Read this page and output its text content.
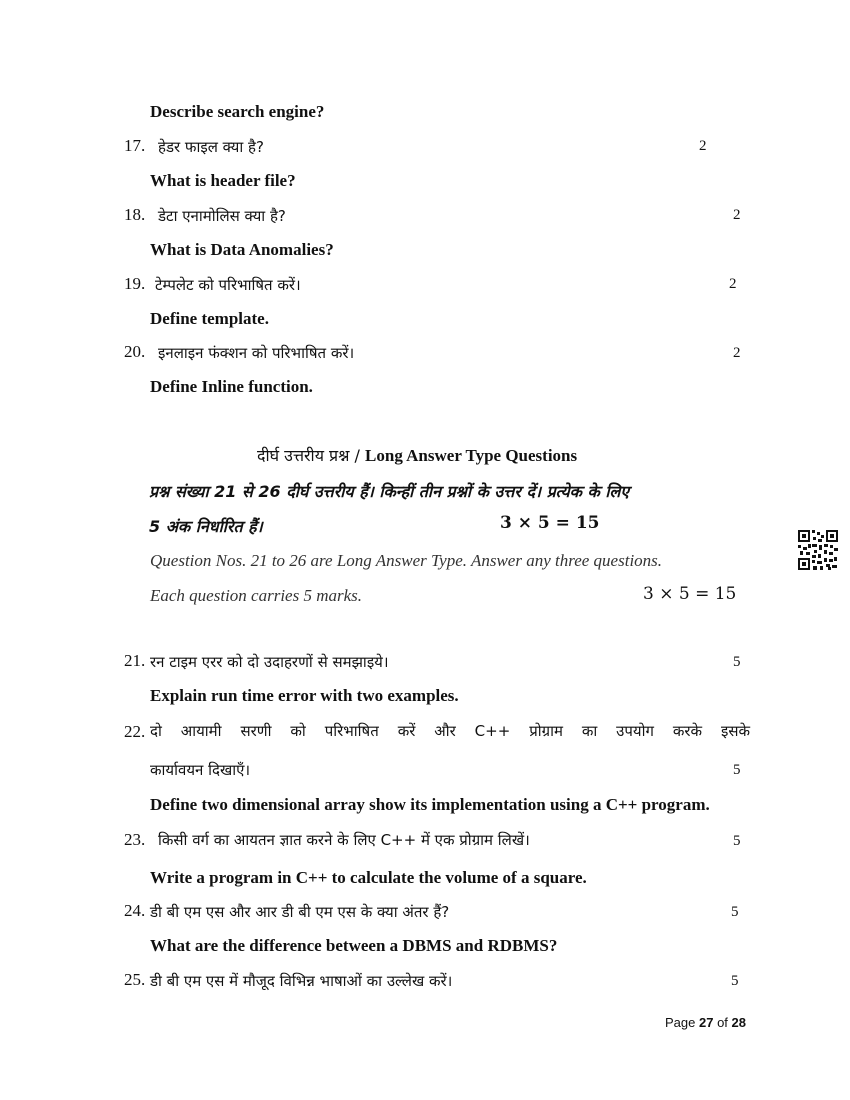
Describe search engine?
17. हेडर फाइल क्या है?	2
What is header file?
18. डेटा एनामोलिस क्या है?	2
What is Data Anomalies?
19. टेम्पलेट को परिभाषित करें।	2
Define template.
20. इनलाइन फंक्शन को परिभाषित करें।	2
Define Inline function.
दीर्घ उत्तरीय प्रश्न / Long Answer Type Questions
प्रश्न संख्या 21 से 26 दीर्घ उत्तरीय हैं। किन्हीं तीन प्रश्नों के उत्तर दें। प्रत्येक के लिए
5 अंक निर्धारित हैं।	3 × 5 = 15
Question Nos. 21 to 26 are Long Answer Type. Answer any three questions.
Each question carries 5 marks.	3 × 5 = 15
21. रन टाइम एरर को दो उदाहरणों से समझाइये।	5
Explain run time error with two examples.
22. दो आयामी सरणी को परिभाषित करें और C++ प्रोग्राम का उपयोग करके इसके
कार्यावयन दिखाएँ।	5
Define two dimensional array show its implementation using a C++ program.
23. किसी वर्ग का आयतन ज्ञात करने के लिए C++ में एक प्रोग्राम लिखें।	5
Write a program in C++ to calculate the volume of a square.
24. डी बी एम एस और आर डी बी एम एस के क्या अंतर हैं?	5
What are the difference between a DBMS and RDBMS?
25. डी बी एम एस में मौजूद विभिन्न भाषाओं का उल्लेख करें।	5
Page 27 of 28
